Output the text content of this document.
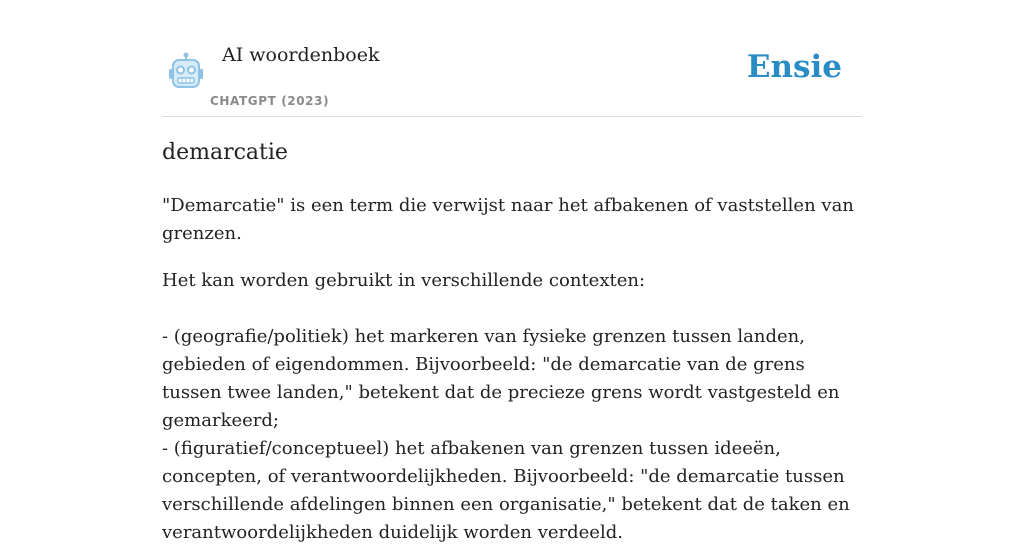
AI woordenboek
CHATGPT (2023)
Ensie
demarcatie

"Demarcatie" is een term die verwijst naar het afbakenen of vaststellen van grenzen.

Het kan worden gebruikt in verschillende contexten:

- (geografie/politiek) het markeren van fysieke grenzen tussen landen, gebieden of eigendommen. Bijvoorbeeld: "de demarcatie van de grens tussen twee landen," betekent dat de precieze grens wordt vastgesteld en gemarkeerd;

- (figuratief/conceptueel) het afbakenen van grenzen tussen ideeën, concepten, of verantwoordelijkheden. Bijvoorbeeld: "de demarcatie tussen verschillende afdelingen binnen een organisatie," betekent dat de taken en verantwoordelijkheden duidelijk worden verdeeld.
